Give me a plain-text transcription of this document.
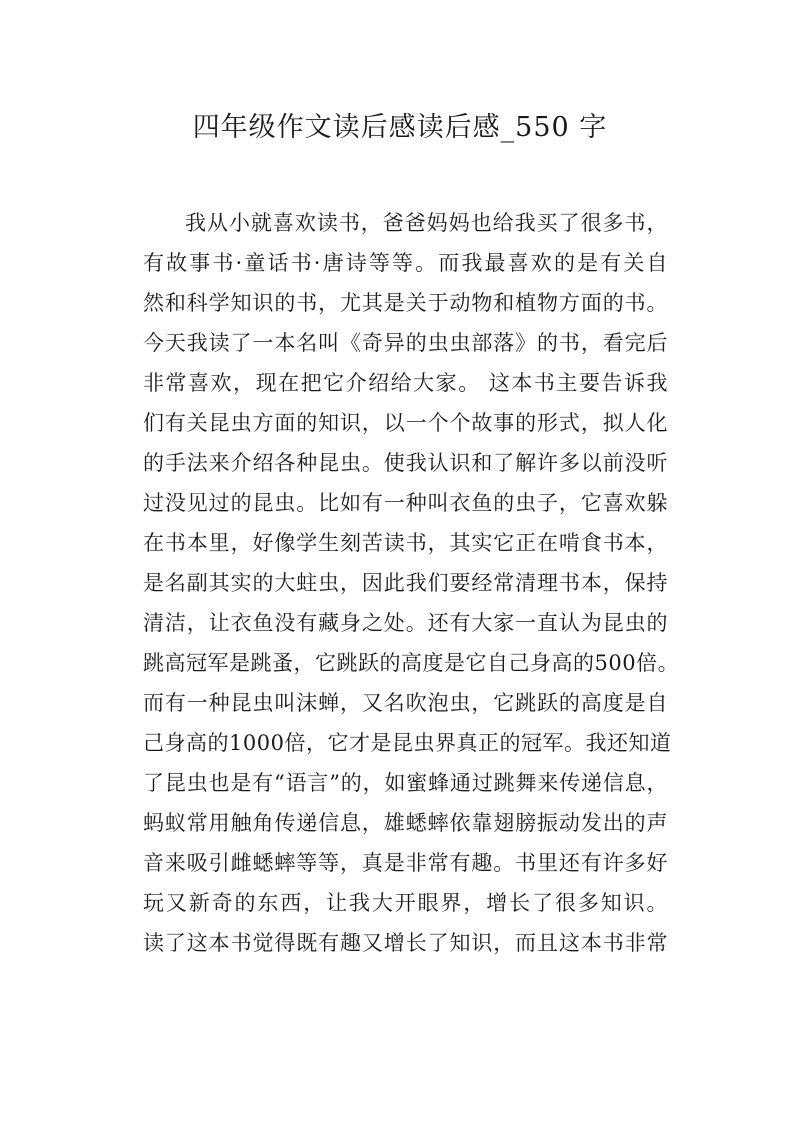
四年级作文读后感读后感_550 字
我从小就喜欢读书，爸爸妈妈也给我买了很多书，
有故事书·童话书·唐诗等等。而我最喜欢的是有关自
然和科学知识的书，尤其是关于动物和植物方面的书。
今天我读了一本名叫《奇异的虫虫部落》的书，看完后
非常喜欢，现在把它介绍给大家。 这本书主要告诉我
们有关昆虫方面的知识，以一个个故事的形式，拟人化
的手法来介绍各种昆虫。使我认识和了解许多以前没听
过没见过的昆虫。比如有一种叫衣鱼的虫子，它喜欢躲
在书本里，好像学生刻苦读书，其实它正在啃食书本，
是名副其实的大蛀虫，因此我们要经常清理书本，保持
清洁，让衣鱼没有藏身之处。还有大家一直认为昆虫的
跳高冠军是跳蚤，它跳跃的高度是它自己身高的500倍。
而有一种昆虫叫沫蝉，又名吹泡虫，它跳跃的高度是自
己身高的1000倍，它才是昆虫界真正的冠军。我还知道
了昆虫也是有“语言”的，如蜜蜂通过跳舞来传递信息，
蚂蚁常用触角传递信息，雄蟋蟀依靠翅膀振动发出的声
音来吸引雌蟋蟀等等，真是非常有趣。书里还有许多好
玩又新奇的东西，让我大开眼界，增长了很多知识。
读了这本书觉得既有趣又增长了知识，而且这本书非常
